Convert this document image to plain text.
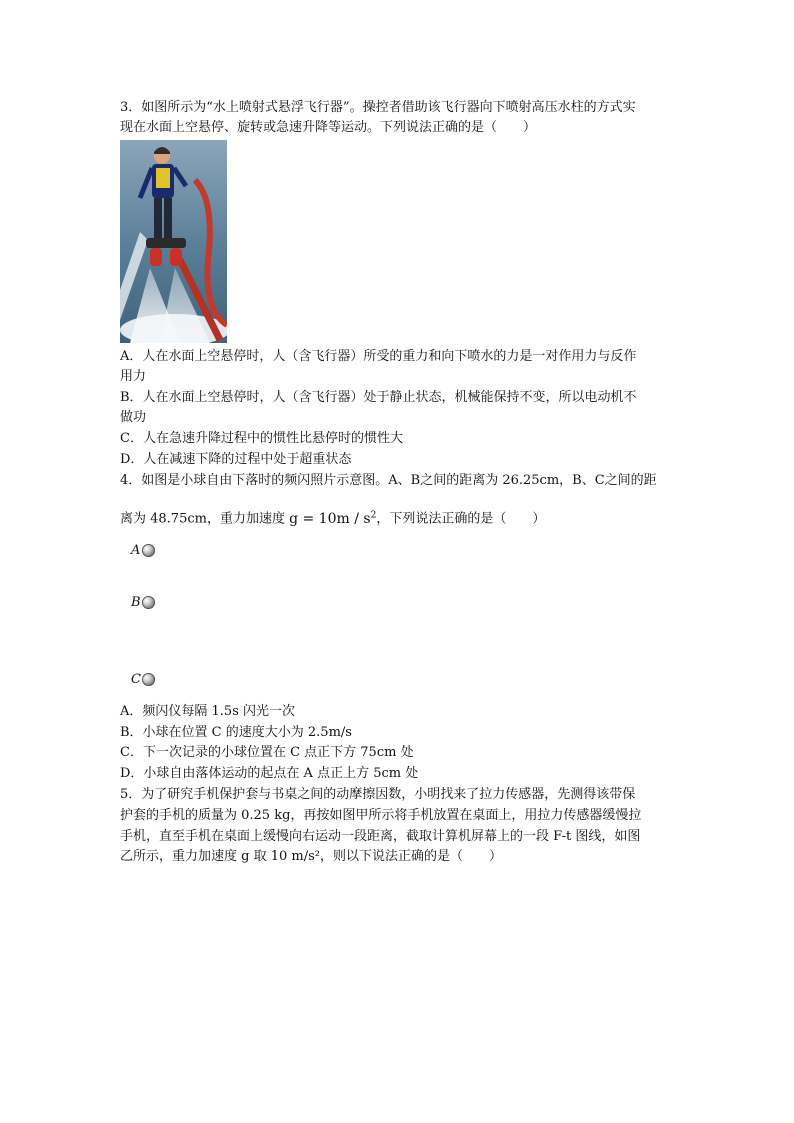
3．如图所示为“水上喷射式悬浮飞行器”。操控者借助该飞行器向下喷射高压水柱的方式实
现在水面上空悬停、旋转或急速升降等运动。下列说法正确的是（　　）
A．人在水面上空悬停时，人（含飞行器）所受的重力和向下喷水的力是一对作用力与反作
用力
B．人在水面上空悬停时，人（含飞行器）处于静止状态，机械能保持不变，所以电动机不
做功
C．人在急速升降过程中的惯性比悬停时的惯性大
D．人在减速下降的过程中处于超重状态
4．如图是小球自由下落时的频闪照片示意图。A、B之间的距离为 26.25cm，B、C之间的距
离为 48.75cm，重力加速度 $g = 10m / s^2$，下列说法正确的是（　　）
A
B
C
A．频闪仪每隔 1.5s 闪光一次
B．小球在位置 C 的速度大小为 2.5m/s
C．下一次记录的小球位置在 C 点正下方 75cm 处
D．小球自由落体运动的起点在 A 点正上方 5cm 处
5．为了研究手机保护套与书桌之间的动摩擦因数，小明找来了拉力传感器，先测得该带保
护套的手机的质量为 0.25 kg，再按如图甲所示将手机放置在桌面上，用拉力传感器缓慢拉
手机，直至手机在桌面上缓慢向右运动一段距离，截取计算机屏幕上的一段 F-t 图线，如图
乙所示，重力加速度 g 取 10 m/s²，则以下说法正确的是（　　）
